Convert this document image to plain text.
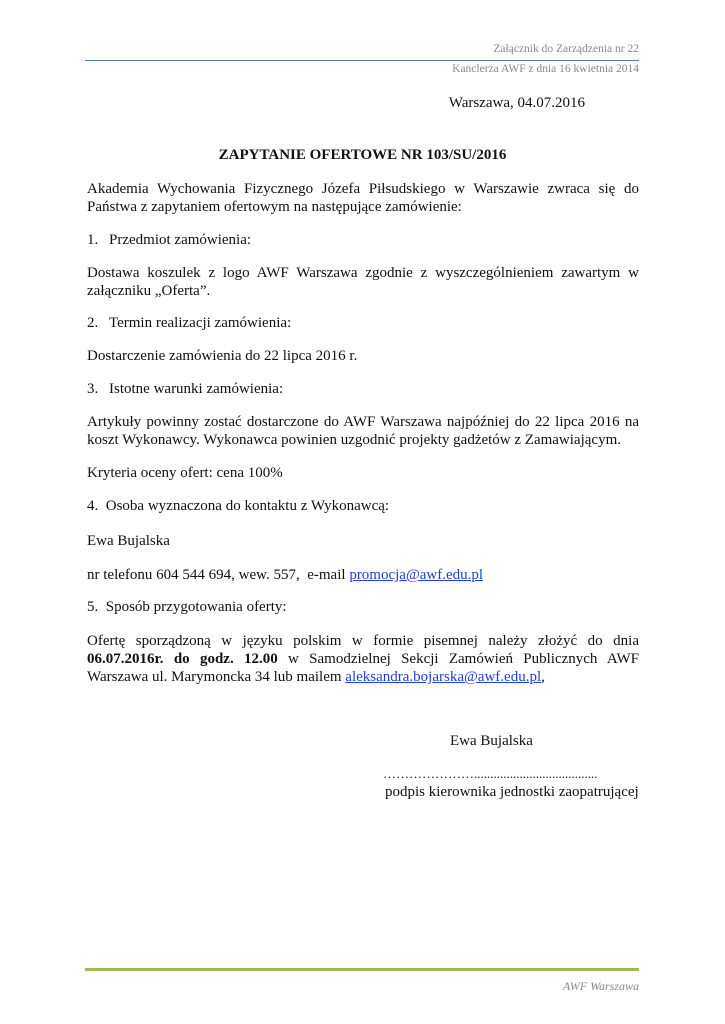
Załącznik do Zarządzenia nr 22
Kanclerza AWF z dnia 16 kwietnia 2014
Warszawa, 04.07.2016
ZAPYTANIE OFERTOWE NR 103/SU/2016
Akademia Wychowania Fizycznego Józefa Piłsudskiego w Warszawie zwraca się do Państwa z zapytaniem ofertowym na następujące zamówienie:
1. Przedmiot zamówienia:
Dostawa koszulek z logo AWF Warszawa zgodnie z wyszczególnieniem zawartym w załączniku „Oferta”.
2. Termin realizacji zamówienia:
Dostarczenie zamówienia do 22 lipca 2016 r.
3. Istotne warunki zamówienia:
Artykuły powinny zostać dostarczone do AWF Warszawa najpóźniej do 22 lipca 2016 na koszt Wykonawcy. Wykonawca powinien uzgodnić projekty gadżetów z Zamawiającym.
Kryteria oceny ofert: cena 100%
4. Osoba wyznaczona do kontaktu z Wykonawcą:
Ewa Bujalska
nr telefonu 604 544 694, wew. 557,  e-mail promocja@awf.edu.pl
5. Sposób przygotowania oferty:
Ofertę sporządzoną w języku polskim w formie pisemnej należy złożyć do dnia 06.07.2016r. do godz. 12.00 w Samodzielnej Sekcji Zamówień Publicznych AWF Warszawa ul. Marymoncka 34 lub mailem aleksandra.bojarska@awf.edu.pl,
Ewa Bujalska
…………………......................................
podpis kierownika jednostki zaopatrującej
AWF Warszawa
